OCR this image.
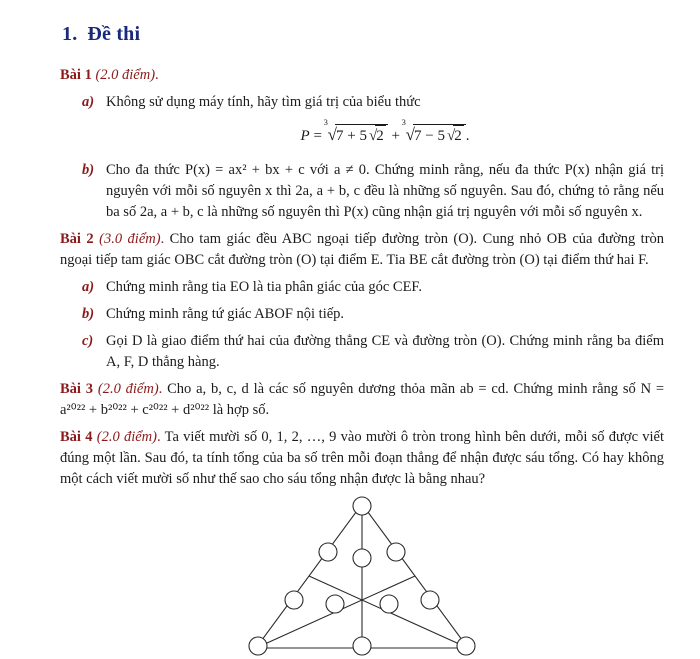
1. Đề thi
Bài 1 (2.0 điểm).
a) Không sử dụng máy tính, hãy tìm giá trị của biểu thức
P =
3
√7 + 5 √2 +
3
√7 − 5 √2 .
b) Cho đa thức P(x) = ax² + bx + c với a ≠ 0. Chứng minh rằng, nếu đa thức P(x) nhận giá trị nguyên với mỗi số nguyên x thì 2a, a + b, c đều là những số nguyên. Sau đó, chứng tỏ rằng nếu ba số 2a, a + b, c là những số nguyên thì P(x) cũng nhận giá trị nguyên với mỗi số nguyên x.
Bài 2 (3.0 điểm). Cho tam giác đều ABC ngoại tiếp đường tròn (O). Cung nhỏ OB của đường tròn ngoại tiếp tam giác OBC cắt đường tròn (O) tại điểm E. Tia BE cắt đường tròn (O) tại điểm thứ hai F.
a) Chứng minh rằng tia EO là tia phân giác của góc CEF.
b) Chứng minh rằng tứ giác ABOF nội tiếp.
c) Gọi D là giao điểm thứ hai của đường thẳng CE và đường tròn (O). Chứng minh rằng ba điểm A, F, D thẳng hàng.
Bài 3 (2.0 điểm). Cho a, b, c, d là các số nguyên dương thỏa mãn ab = cd. Chứng minh rằng số N = a²⁰²² + b²⁰²² + c²⁰²² + d²⁰²² là hợp số.
Bài 4 (2.0 điểm). Ta viết mười số 0, 1, 2, …, 9 vào mười ô tròn trong hình bên dưới, mỗi số được viết đúng một lần. Sau đó, ta tính tổng của ba số trên mỗi đoạn thẳng để nhận được sáu tổng. Có hay không một cách viết mười số như thế sao cho sáu tổng nhận được là bằng nhau?
